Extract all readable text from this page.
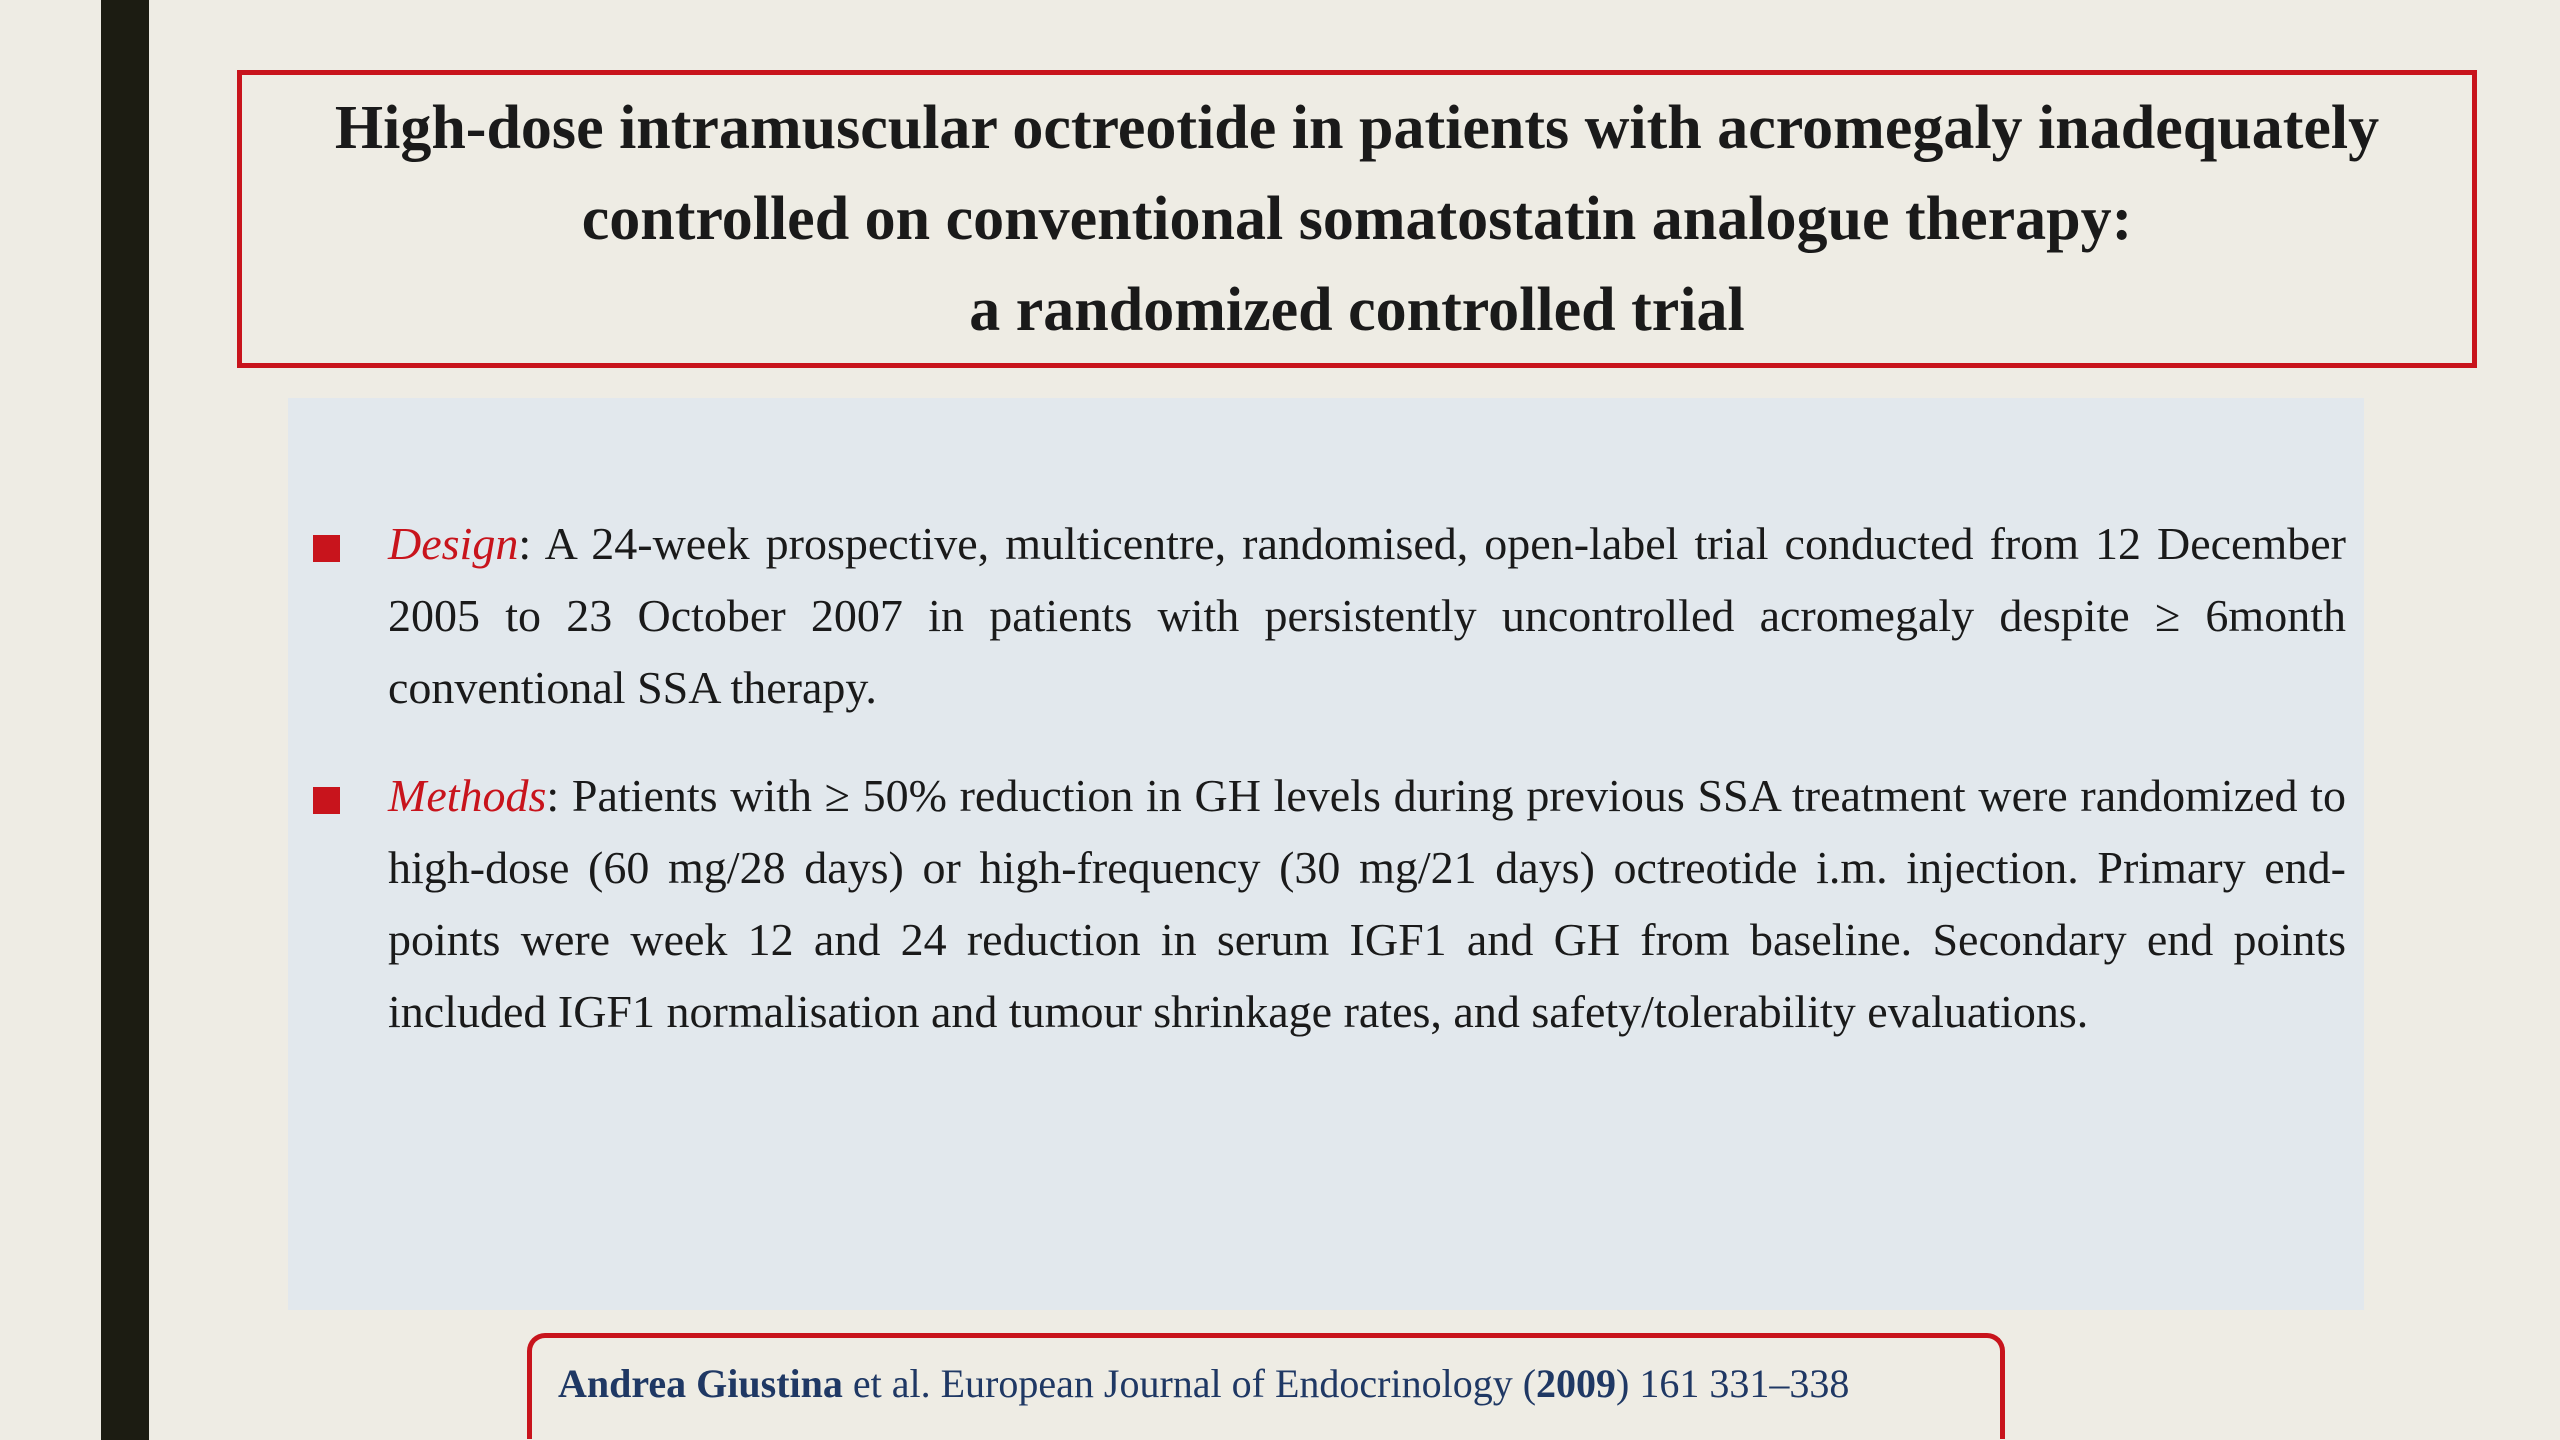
High-dose intramuscular octreotide in patients with acromegaly inadequately
controlled on conventional somatostatin analogue therapy:
a randomized controlled trial

Design: A 24-week prospective, multicentre, randomised, open-label trial conducted from 12 December 2005 to 23 October 2007 in patients with persistently uncontrolled acromegaly despite ≥ 6month conventional SSA therapy.

Methods: Patients with ≥ 50% reduction in GH levels during previous SSA treatment were randomized to high-dose (60 mg/28 days) or high-frequency (30 mg/21 days) octreotide i.m. injection. Primary end-points were week 12 and 24 reduction in serum IGF1 and GH from baseline. Secondary end points included IGF1 normalisation and tumour shrinkage rates, and safety/tolerability evaluations.

Andrea Giustina et al. European Journal of Endocrinology (2009) 161 331–338
